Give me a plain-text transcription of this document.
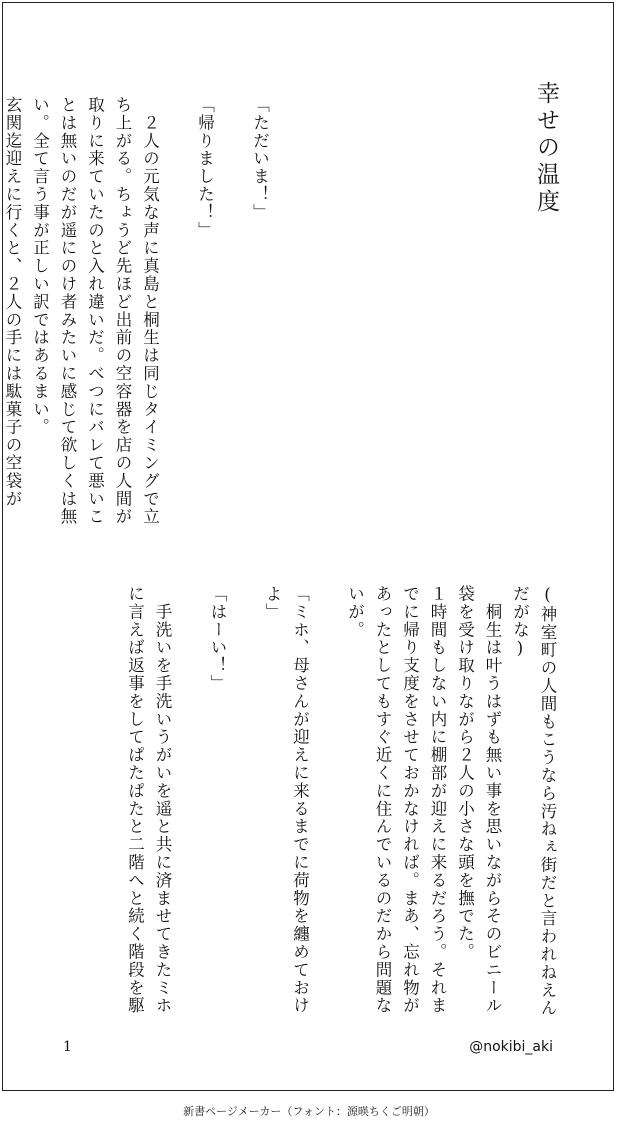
幸せの温度

「ただいま！」

「帰りました！」

　２人の元気な声に真島と桐生は同じタイミングで立
ち上がる。ちょうど先ほど出前の空容器を店の人間が
取りに来ていたのと入れ違いだ。べつにバレて悪いこ
とは無いのだが遥にのけ者みたいに感じて欲しくは無
い。全て言う事が正しい訳ではあるまい。
玄関迄迎えに行くと、２人の手には駄菓子の空袋が

(神室町の人間もこうなら汚ねぇ街だと言われねえん
だがな)
　桐生は叶うはずも無い事を思いながらそのビニール
袋を受け取りながら２人の小さな頭を撫でた。
１時間もしない内に棚部が迎えに来るだろう。それま
でに帰り支度をさせておかなければ。まあ、忘れ物が
あったとしてもすぐ近くに住んでいるのだから問題な
いが。

「ミホ、母さんが迎えに来るまでに荷物を纏めておけ
よ」

「はーい！」

　手洗いを手洗いうがいを遥と共に済ませてきたミホ
に言えば返事をしてぱたぱたと二階へと続く階段を駆
1	@nokibi_aki
新書ページメーカー（フォント：源暎ちくご明朝）
